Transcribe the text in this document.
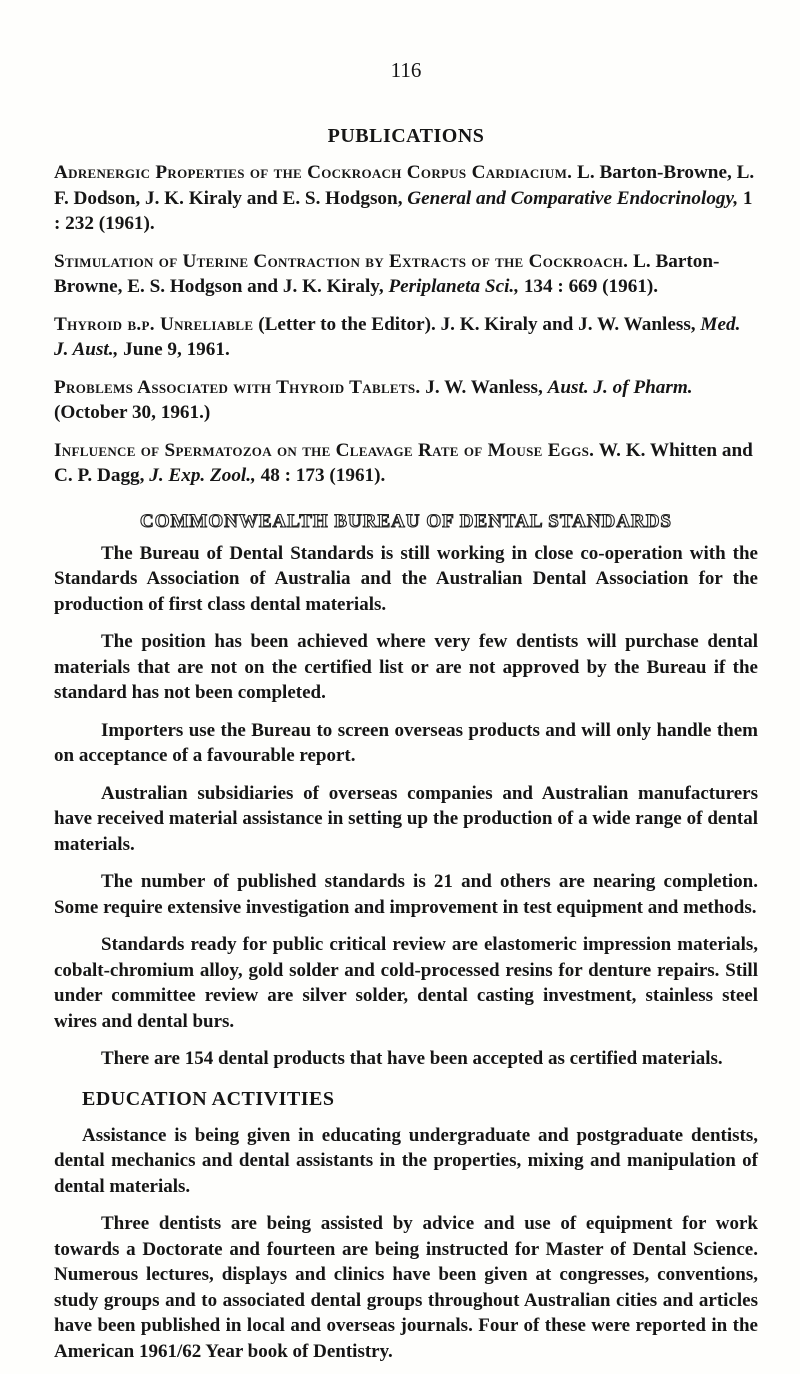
116
PUBLICATIONS

Adrenergic Properties of the Cockroach Corpus Cardiacium. L. Barton-Browne, L. F. Dodson, J. K. Kiraly and E. S. Hodgson, General and Comparative Endocrinology, 1 : 232 (1961).

Stimulation of Uterine Contraction by Extracts of the Cockroach. L. Barton-Browne, E. S. Hodgson and J. K. Kiraly, Periplaneta Sci., 134 : 669 (1961).

Thyroid b.p. Unreliable (Letter to the Editor). J. K. Kiraly and J. W. Wanless, Med. J. Aust., June 9, 1961.

Problems Associated with Thyroid Tablets. J. W. Wanless, Aust. J. of Pharm. (October 30, 1961.)

Influence of Spermatozoa on the Cleavage Rate of Mouse Eggs. W. K. Whitten and C. P. Dagg, J. Exp. Zool., 48 : 173 (1961).

COMMONWEALTH BUREAU OF DENTAL STANDARDS

The Bureau of Dental Standards is still working in close co-operation with the Standards Association of Australia and the Australian Dental Association for the production of first class dental materials.

The position has been achieved where very few dentists will purchase dental materials that are not on the certified list or are not approved by the Bureau if the standard has not been completed.

Importers use the Bureau to screen overseas products and will only handle them on acceptance of a favourable report.

Australian subsidiaries of overseas companies and Australian manufacturers have received material assistance in setting up the production of a wide range of dental materials.

The number of published standards is 21 and others are nearing completion. Some require extensive investigation and improvement in test equipment and methods.

Standards ready for public critical review are elastomeric impression materials, cobalt-chromium alloy, gold solder and cold-processed resins for denture repairs. Still under committee review are silver solder, dental casting investment, stainless steel wires and dental burs.

There are 154 dental products that have been accepted as certified materials.

EDUCATION ACTIVITIES

Assistance is being given in educating undergraduate and postgraduate dentists, dental mechanics and dental assistants in the properties, mixing and manipulation of dental materials.

Three dentists are being assisted by advice and use of equipment for work towards a Doctorate and fourteen are being instructed for Master of Dental Science. Numerous lectures, displays and clinics have been given at congresses, conventions, study groups and to associated dental groups throughout Australian cities and articles have been published in local and overseas journals. Four of these were reported in the American 1961/62 Year book of Dentistry.
